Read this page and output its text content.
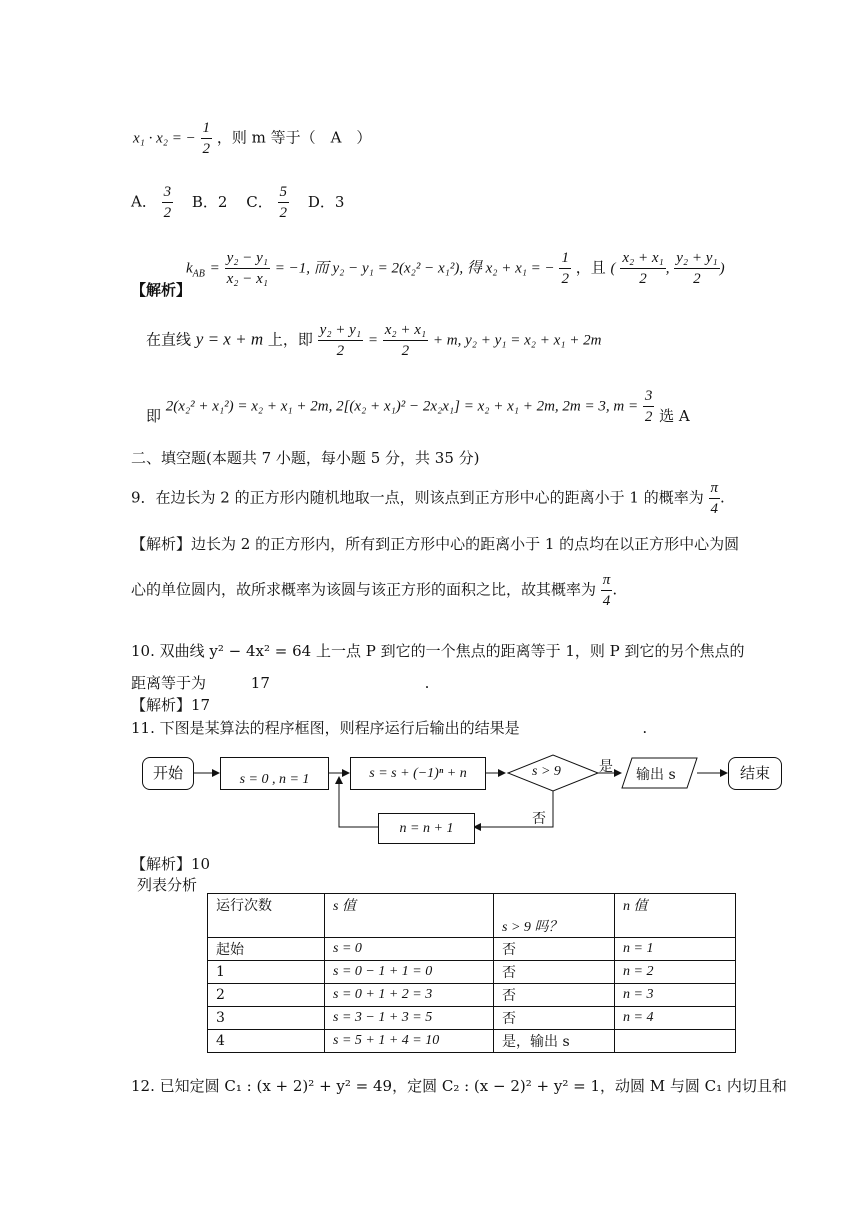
x₁ · x₂ = − $\frac{1}{2}$ ，则 m 等于（　A　）
A． $\frac{3}{2}$ B．2 C． $\frac{5}{2}$ D．3
【解析】
$k_{AB} = \frac{\text{y₂ − y₁}}{\text{x₂ − x₁}} = -1$, 而 y₂ − y₁ = 2(x₂² − x₁²), 得 x₂ + x₁ = − $\frac{1}{2}$ ，且 ( $\frac{\text{x₂ + x₁}}{2}$ , $\frac{\text{y₂ + y₁}}{2}$ )
在直线 y = x + m 上，即 $\frac{\text{y₂ + y₁}}{2} = \frac{\text{x₂ + x₁}}{2} + m$, y₂ + y₁ = x₂ + x₁ + 2m
即 2(x₂² + x₁²) = x₂ + x₁ + 2m, 2[(x₂ + x₁)² − 2x₂x₁] = x₂ + x₁ + 2m, 2m = 3, $m = \frac{3}{2}$ 选 A
二、填空题(本题共 7 小题，每小题 5 分，共 35 分)
9．在边长为 2 的正方形内随机地取一点，则该点到正方形中心的距离小于 1 的概率为 $\frac{\pi}{4}$ .
【解析】边长为 2 的正方形内，所有到正方形中心的距离小于 1 的点均在以正方形中心为圆
心的单位圆内，故所求概率为该圆与该正方形的面积之比，故其概率为 $\frac{\pi}{4}$ .
10. 双曲线 y² − 4x² = 64 上一点 P 到它的一个焦点的距离等于 1，则 P 到它的另个焦点的
距离等于为	17	.
【解析】17
11. 下图是某算法的程序框图，则程序运行后输出的结果是	.
开始	s = 0 , n = 1	s = s + (−1)ⁿ + n	s > 9	是
否
输出 s	结束
n = n + 1
【解析】10
列表分析
运行次数	s 值	s > 9 吗？	n 值
起始	s = 0	否	n = 1
1	s = 0 − 1 + 1 = 0	否	n = 2
2	s = 0 + 1 + 2 = 3	否	n = 3
3	s = 3 − 1 + 3 = 5	否	n = 4
4	s = 5 + 1 + 4 = 10	是，输出 s	
12. 已知定圆 C₁ : (x + 2)² + y² = 49，定圆 C₂ : (x − 2)² + y² = 1，动圆 M 与圆 C₁ 内切且和
